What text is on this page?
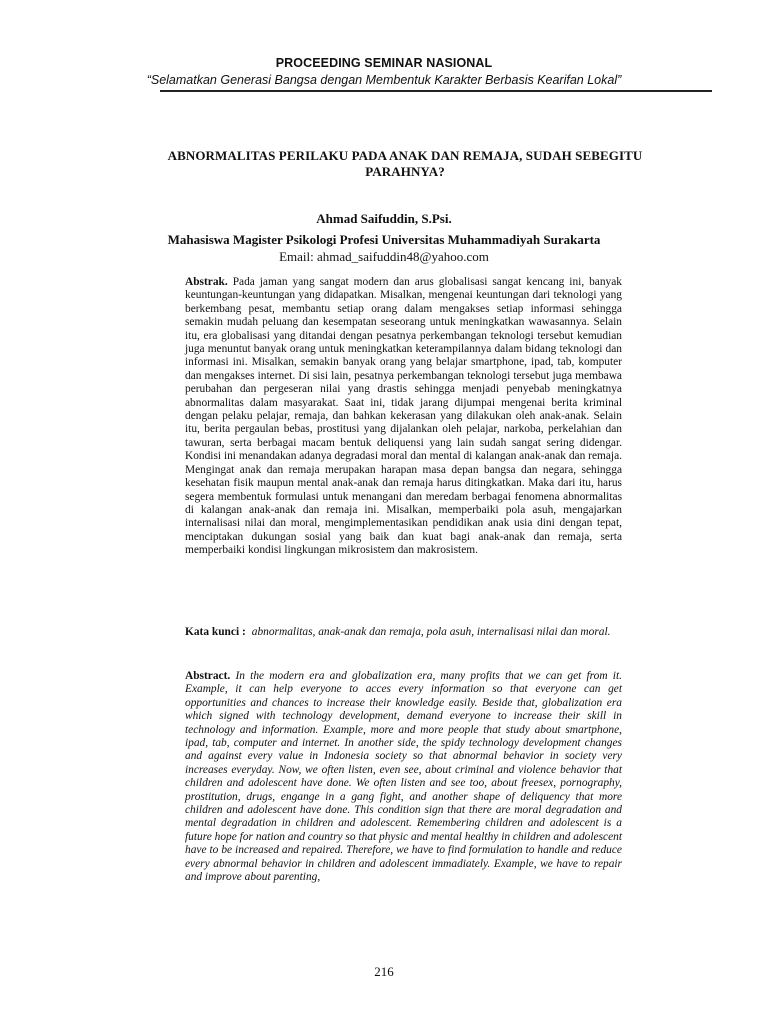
PROCEEDING SEMINAR NASIONAL
“Selamatkan Generasi Bangsa dengan Membentuk Karakter Berbasis Kearifan Lokal”
ABNORMALITAS PERILAKU PADA ANAK DAN REMAJA, SUDAH SEBEGITU PARAHNYA?
Ahmad Saifuddin, S.Psi.
Mahasiswa Magister Psikologi Profesi Universitas Muhammadiyah Surakarta
Email: ahmad_saifuddin48@yahoo.com
Abstrak. Pada jaman yang sangat modern dan arus globalisasi sangat kencang ini, banyak keuntungan-keuntungan yang didapatkan. Misalkan, mengenai keuntungan dari teknologi yang berkembang pesat, membantu setiap orang dalam mengakses setiap informasi sehingga semakin mudah peluang dan kesempatan seseorang untuk meningkatkan wawasannya. Selain itu, era globalisasi yang ditandai dengan pesatnya perkembangan teknologi tersebut kemudian juga menuntut banyak orang untuk meningkatkan keterampilannya dalam bidang teknologi dan informasi ini. Misalkan, semakin banyak orang yang belajar smartphone, ipad, tab, komputer dan mengakses internet. Di sisi lain, pesatnya perkembangan teknologi tersebut juga membawa perubahan dan pergeseran nilai yang drastis sehingga menjadi penyebab meningkatnya abnormalitas dalam masyarakat. Saat ini, tidak jarang dijumpai mengenai berita kriminal dengan pelaku pelajar, remaja, dan bahkan kekerasan yang dilakukan oleh anak-anak. Selain itu, berita pergaulan bebas, prostitusi yang dijalankan oleh pelajar, narkoba, perkelahian dan tawuran, serta berbagai macam bentuk deliquensi yang lain sudah sangat sering didengar. Kondisi ini menandakan adanya degradasi moral dan mental di kalangan anak-anak dan remaja. Mengingat anak dan remaja merupakan harapan masa depan bangsa dan negara, sehingga kesehatan fisik maupun mental anak-anak dan remaja harus ditingkatkan. Maka dari itu, harus segera membentuk formulasi untuk menangani dan meredam berbagai fenomena abnormalitas di kalangan anak-anak dan remaja ini. Misalkan, memperbaiki pola asuh, mengajarkan internalisasi nilai dan moral, mengimplementasikan pendidikan anak usia dini dengan tepat, menciptakan dukungan sosial yang baik dan kuat bagi anak-anak dan remaja, serta memperbaiki kondisi lingkungan mikrosistem dan makrosistem.
Kata kunci : abnormalitas, anak-anak dan remaja, pola asuh, internalisasi nilai dan moral.
Abstract. In the modern era and globalization era, many profits that we can get from it. Example, it can help everyone to acces every information so that everyone can get opportunities and chances to increase their knowledge easily. Beside that, globalization era which signed with technology development, demand everyone to increase their skill in technology and information. Example, more and more people that study about smartphone, ipad, tab, computer and internet. In another side, the spidy technology development changes and against every value in Indonesia society so that abnormal behavior in society very increases everyday. Now, we often listen, even see, about criminal and violence behavior that children and adolescent have done. We often listen and see too, about freesex, pornography, prostitution, drugs, engange in a gang fight, and another shape of deliquency that more children and adolescent have done. This condition sign that there are moral degradation and mental degradation in children and adolescent. Remembering children and adolescent is a future hope for nation and country so that physic and mental healthy in children and adolescent have to be increased and repaired. Therefore, we have to find formulation to handle and reduce every abnormal behavior in children and adolescent immadiately. Example, we have to repair and improve about parenting,
216
